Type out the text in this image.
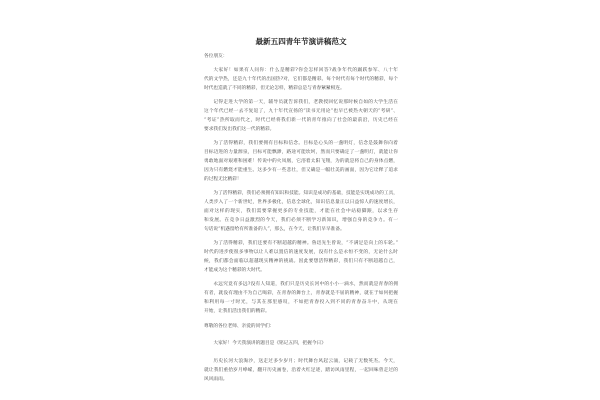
最新五四青年节演讲稿范文
各位朋友：
大家好！如果有人问你：什么是精彩?你会怎样回答?战争年代的踊跃参军、八十年
代的文学热，还是九十年代的出国热?对，它们都是精彩。每个时代有每个时代的精彩，每个
时代也造就了不同的精彩，但无论怎样，精彩总是与青春紧紧相连。
记得走进大学的第一天，辅导员就告诉我们，老教授回忆说那时候自如的大学生活在
这个年代已经一去不复返了，九十年代宣扬的“读书无用论”也早已被热火朝天的“考研”、
“考证”热所取而代之，时代已经将我们新一代的青年推向了社会的最前沿，历史已经在
要求我们发出我们这一代的精彩。
为了活得精彩，我们要拥有目标和信念。目标是心头的一盏明灯，信念是鼓舞你向着
目标迈进的力量源泉，目标可能飘渺，路途可能坎坷，然而只要确定了一盏明灯，就能让你
勇敢地面对艰难和困难！传说中的火凤凰，它浴着太阳飞翔，为的就是将自己的身体点燃，
因为只有燃烧才能重生。这多少有一些悲壮，但又确是一幅壮美的画面，因为它诠释了追求
的过程无比精彩！
为了活得精彩，我们必须拥有知识和技能。知识是成功的基础，技能是实现成功的工具，
人类步入了一个新世纪，世界多极化，信息全球化，知识信息量正以日益惊人的速度增长，
面对这样的现实，我们需要掌握更多的专业技能，才能在社会中站稳脚跟，以求生存
和发展。在竞争日益激烈的今天，我们必须不断学习新知识，增强自身的竞争力。有一
句话说“机遇留给有所准备的人”，那么，在今天，让我们早早准备。
为了活得精彩，我们还要有不断超越的精神。鲁迅先生曾说，“不满足是向上的车轮。”
时代的进步使很多事物以让人难以置信的速度发展，没有什么是永恒不变的，无论什么时
候，我们都会面临以超越现实精神的挑战。因此要想活得精彩，我们只有不断超越自己，
才能成为这个精彩的大时代。
永远究竟有多远?没有人知道，我们只是历史长河中的小小一滴水，然而就是青春的拥
有者，就没有理由不为自己喝彩，在青春的舞台上，青春就是不屈的精神，就在于如何把握
和利用每一寸时光，与其在那里感叹，不如把青春投入到不同的青春奋斗中，从现在
开始，让我们活出我们的精彩。
尊敬的各位老师、亲爱的同学们：
大家好！今天我演讲的题目是《铭记五四，把握今日》
历史长河大浪淘沙，送走过多少岁月；时代舞台风起云涌，记载了无数英杰。今天，
就让我们重拾岁月峥嵘，翻开历史画卷，沿着火红足迹，踏访风雨里程，一起回味曾走过的
风风雨雨。
